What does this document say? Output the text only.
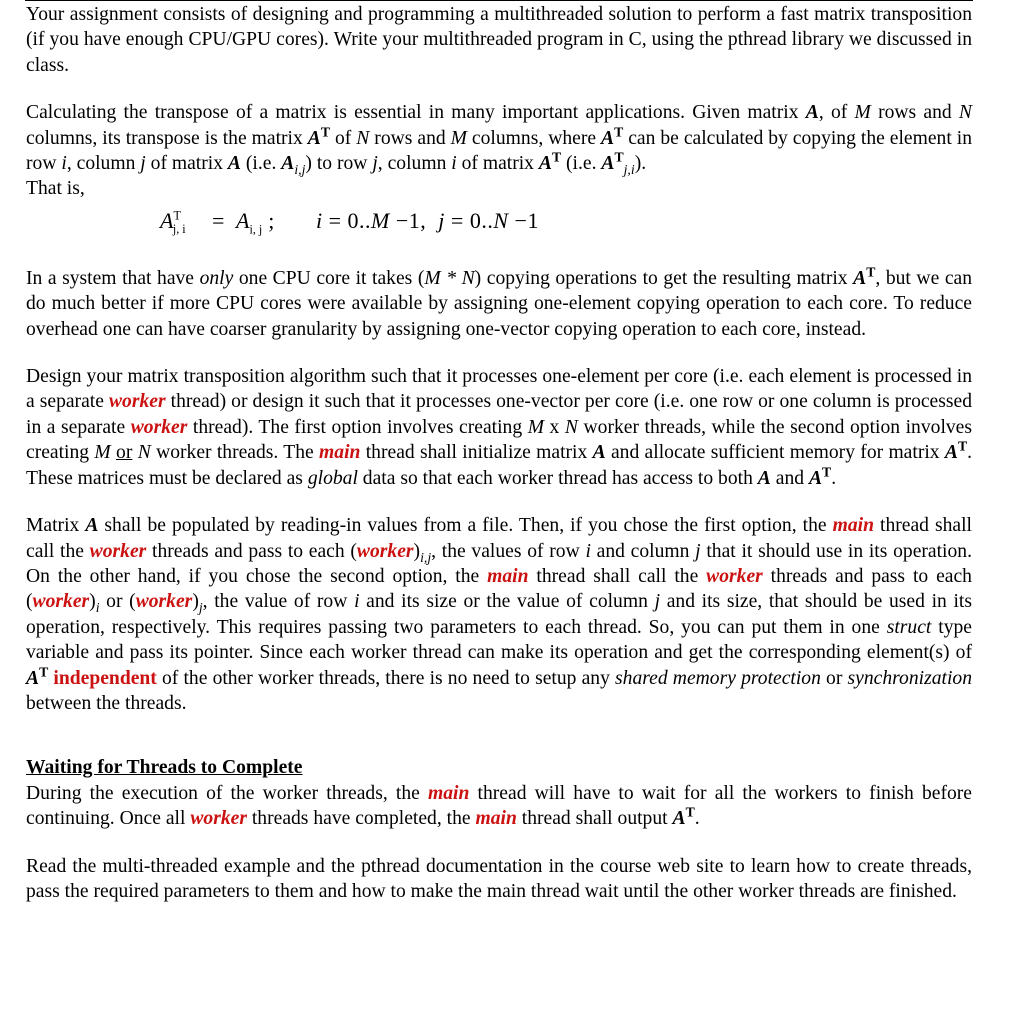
Your assignment consists of designing and programming a multithreaded solution to perform a fast matrix transposition (if you have enough CPU/GPU cores). Write your multithreaded program in C, using the pthread library we discussed in class.

Calculating the transpose of a matrix is essential in many important applications. Given matrix A, of M rows and N columns, its transpose is the matrix $A^T$ of N rows and M columns, where $A^T$ can be calculated by copying the element in row i, column j of matrix A (i.e. $A_{i,j}$) to row j, column i of matrix $A^T$ (i.e. $A^T_{j,i}$).
That is,

$A^T_{j, i} = A_{i, j}$ ; i = 0..M −1,  j = 0..N −1

In a system that have only one CPU core it takes (M * N) copying operations to get the resulting matrix $A^T$, but we can do much better if more CPU cores were available by assigning one-element copying operation to each core. To reduce overhead one can have coarser granularity by assigning one-vector copying operation to each core, instead.

Design your matrix transposition algorithm such that it processes one-element per core (i.e. each element is processed in a separate worker thread) or design it such that it processes one-vector per core (i.e. one row or one column is processed in a separate worker thread). The first option involves creating M x N worker threads, while the second option involves creating M or N worker threads. The main thread shall initialize matrix A and allocate sufficient memory for matrix $A^T$. These matrices must be declared as global data so that each worker thread has access to both A and $A^T$.

Matrix A shall be populated by reading-in values from a file. Then, if you chose the first option, the main thread shall call the worker threads and pass to each $(worker)_{i,j}$, the values of row i and column j that it should use in its operation. On the other hand, if you chose the second option, the main thread shall call the worker threads and pass to each $(worker)_i$ or $(worker)_j$, the value of row i and its size or the value of column j and its size, that should be used in its operation, respectively. This requires passing two parameters to each thread. So, you can put them in one struct type variable and pass its pointer. Since each worker thread can make its operation and get the corresponding element(s) of $A^T$ independent of the other worker threads, there is no need to setup any shared memory protection or synchronization between the threads.

Waiting for Threads to Complete

During the execution of the worker threads, the main thread will have to wait for all the workers to finish before continuing. Once all worker threads have completed, the main thread shall output $A^T$.

Read the multi-threaded example and the pthread documentation in the course web site to learn how to create threads, pass the required parameters to them and how to make the main thread wait until the other worker threads are finished.
